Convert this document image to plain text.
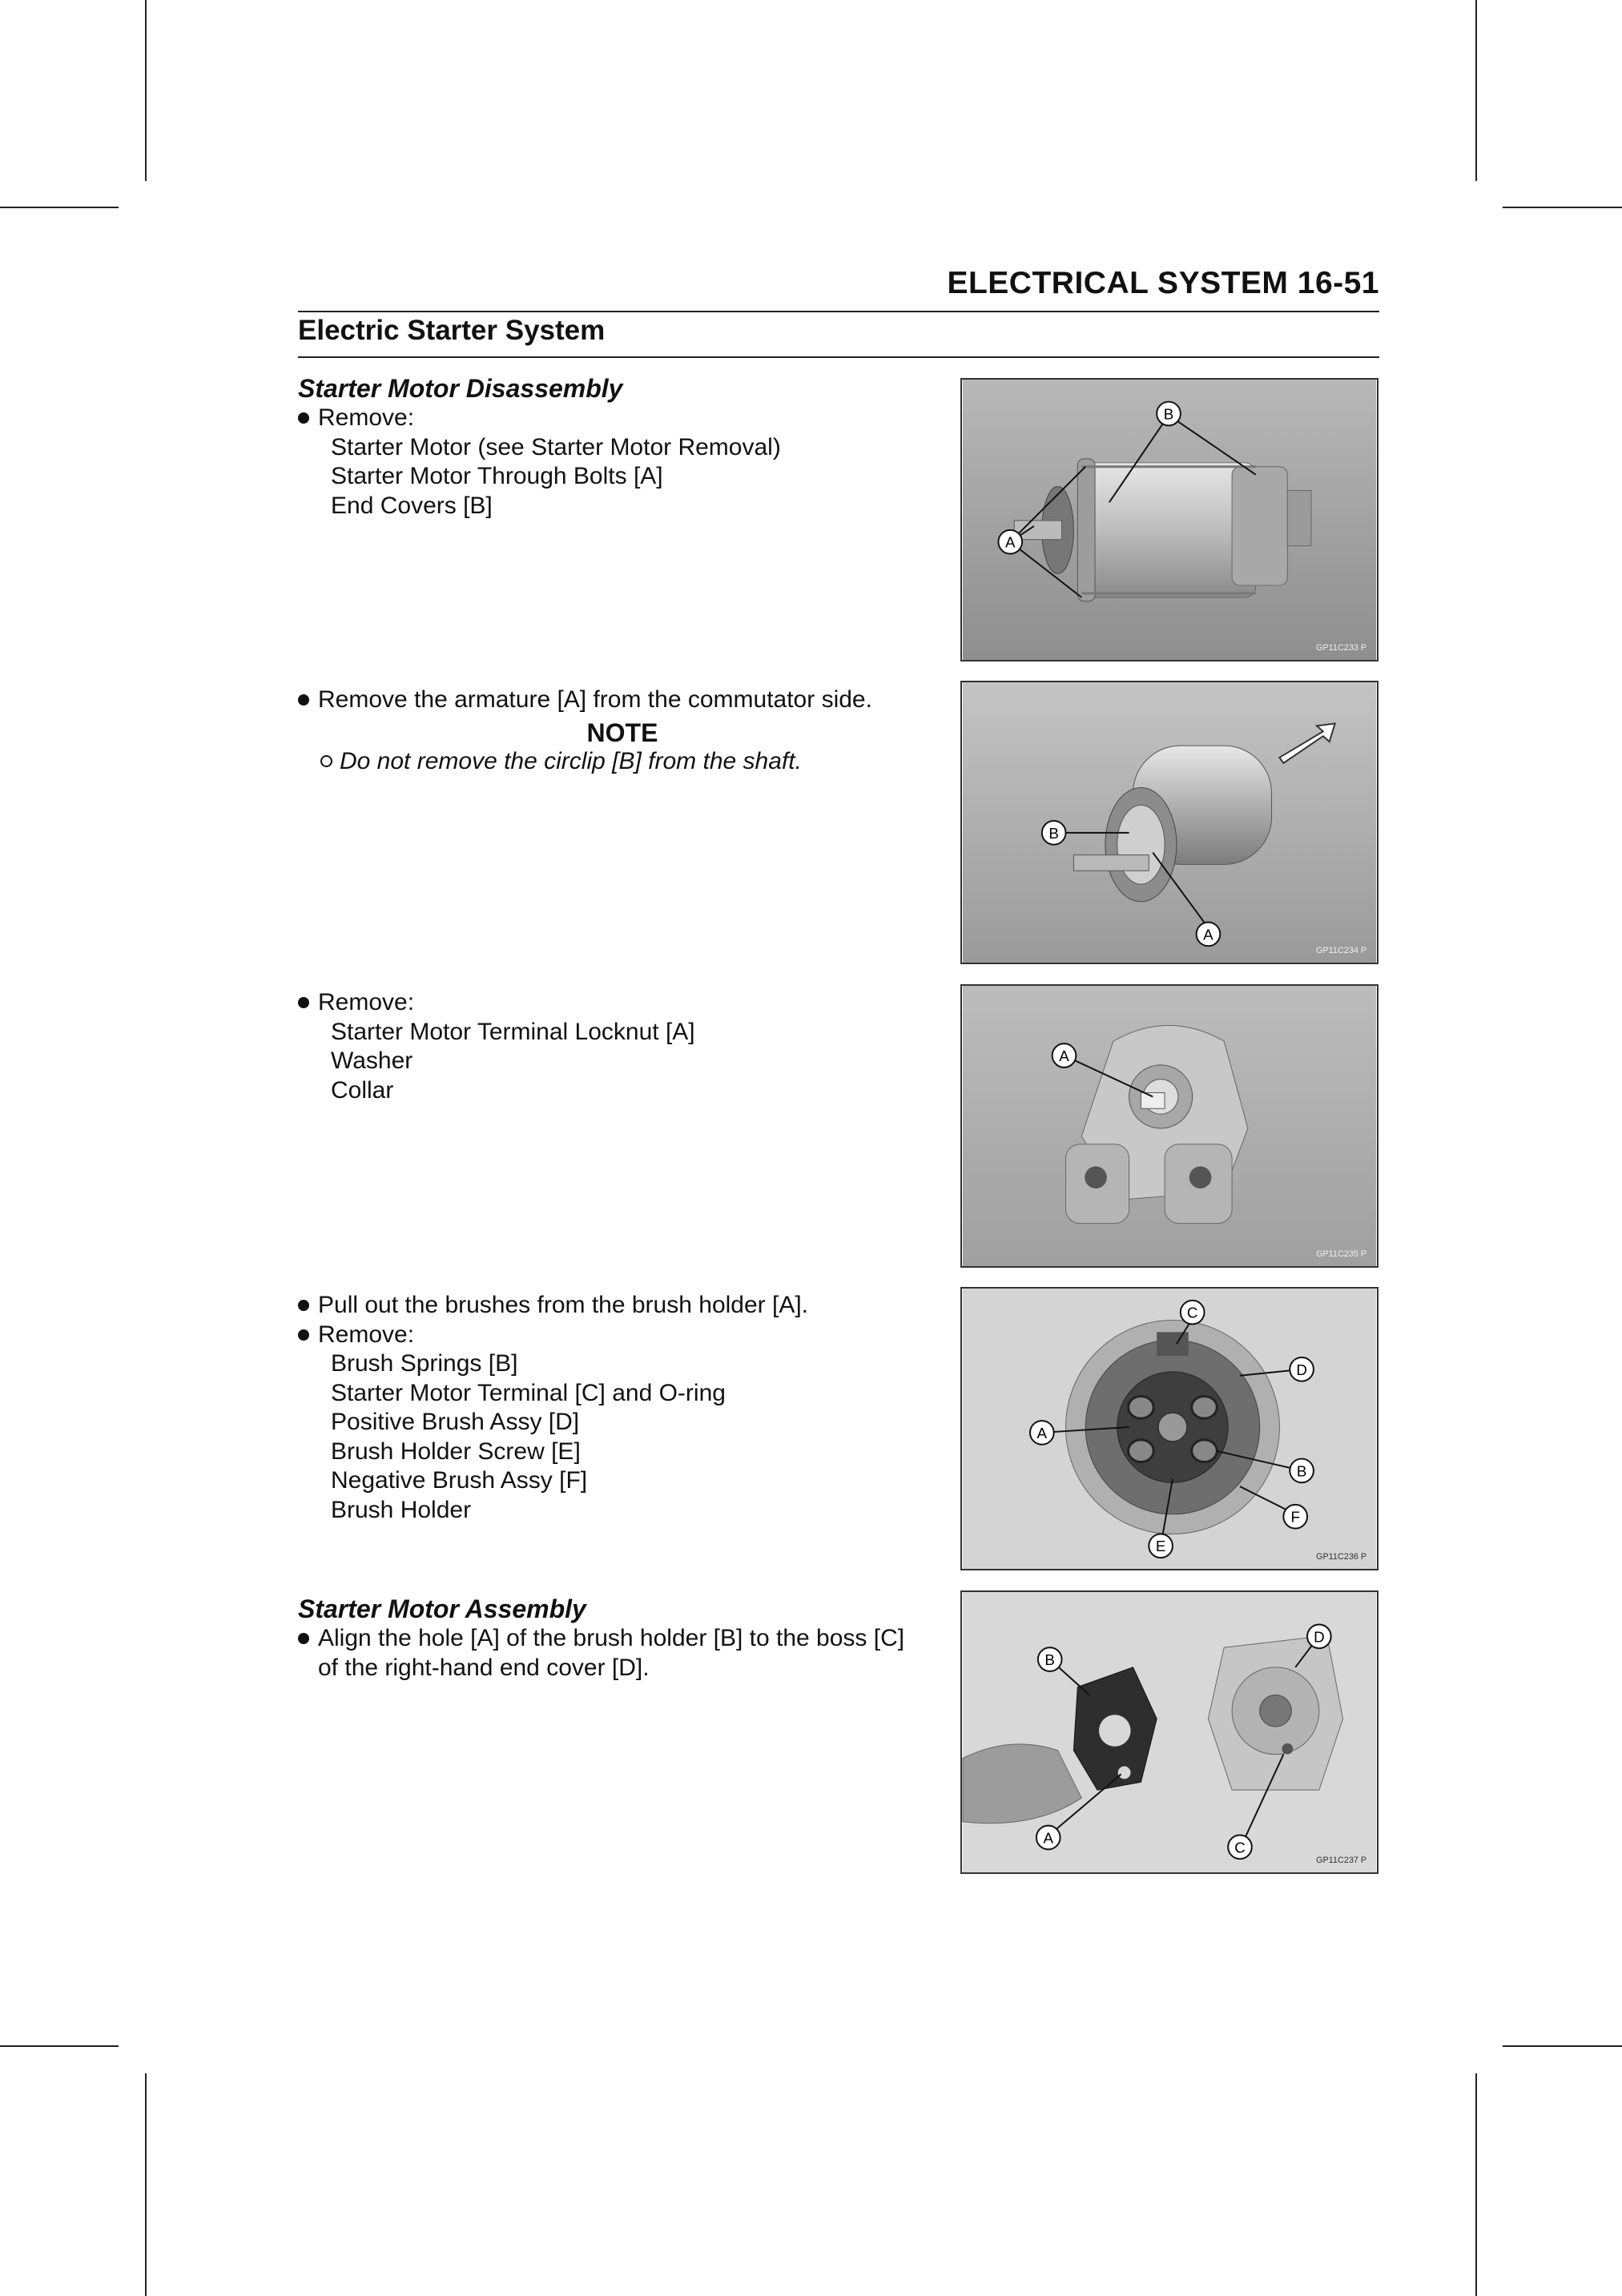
ELECTRICAL SYSTEM 16-51
Electric Starter System
Starter Motor Disassembly
Remove:
Starter Motor (see Starter Motor Removal)
Starter Motor Through Bolts [A]
End Covers [B]
Remove the armature [A] from the commutator side.
NOTE
Do not remove the circlip [B] from the shaft.
Remove:
Starter Motor Terminal Locknut [A]
Washer
Collar
Pull out the brushes from the brush holder [A].
Remove:
Brush Springs [B]
Starter Motor Terminal [C] and O-ring
Positive Brush Assy [D]
Brush Holder Screw [E]
Negative Brush Assy [F]
Brush Holder
Starter Motor Assembly
Align the hole [A] of the brush holder [B] to the boss [C]
of the right-hand end cover [D].
A
B
GP11C233 P
B
A
GP11C234 P
A
GP11C235 P
C
D
A
B
F
E
GP11C236 P
B
A
D
C
GP11C237 P
